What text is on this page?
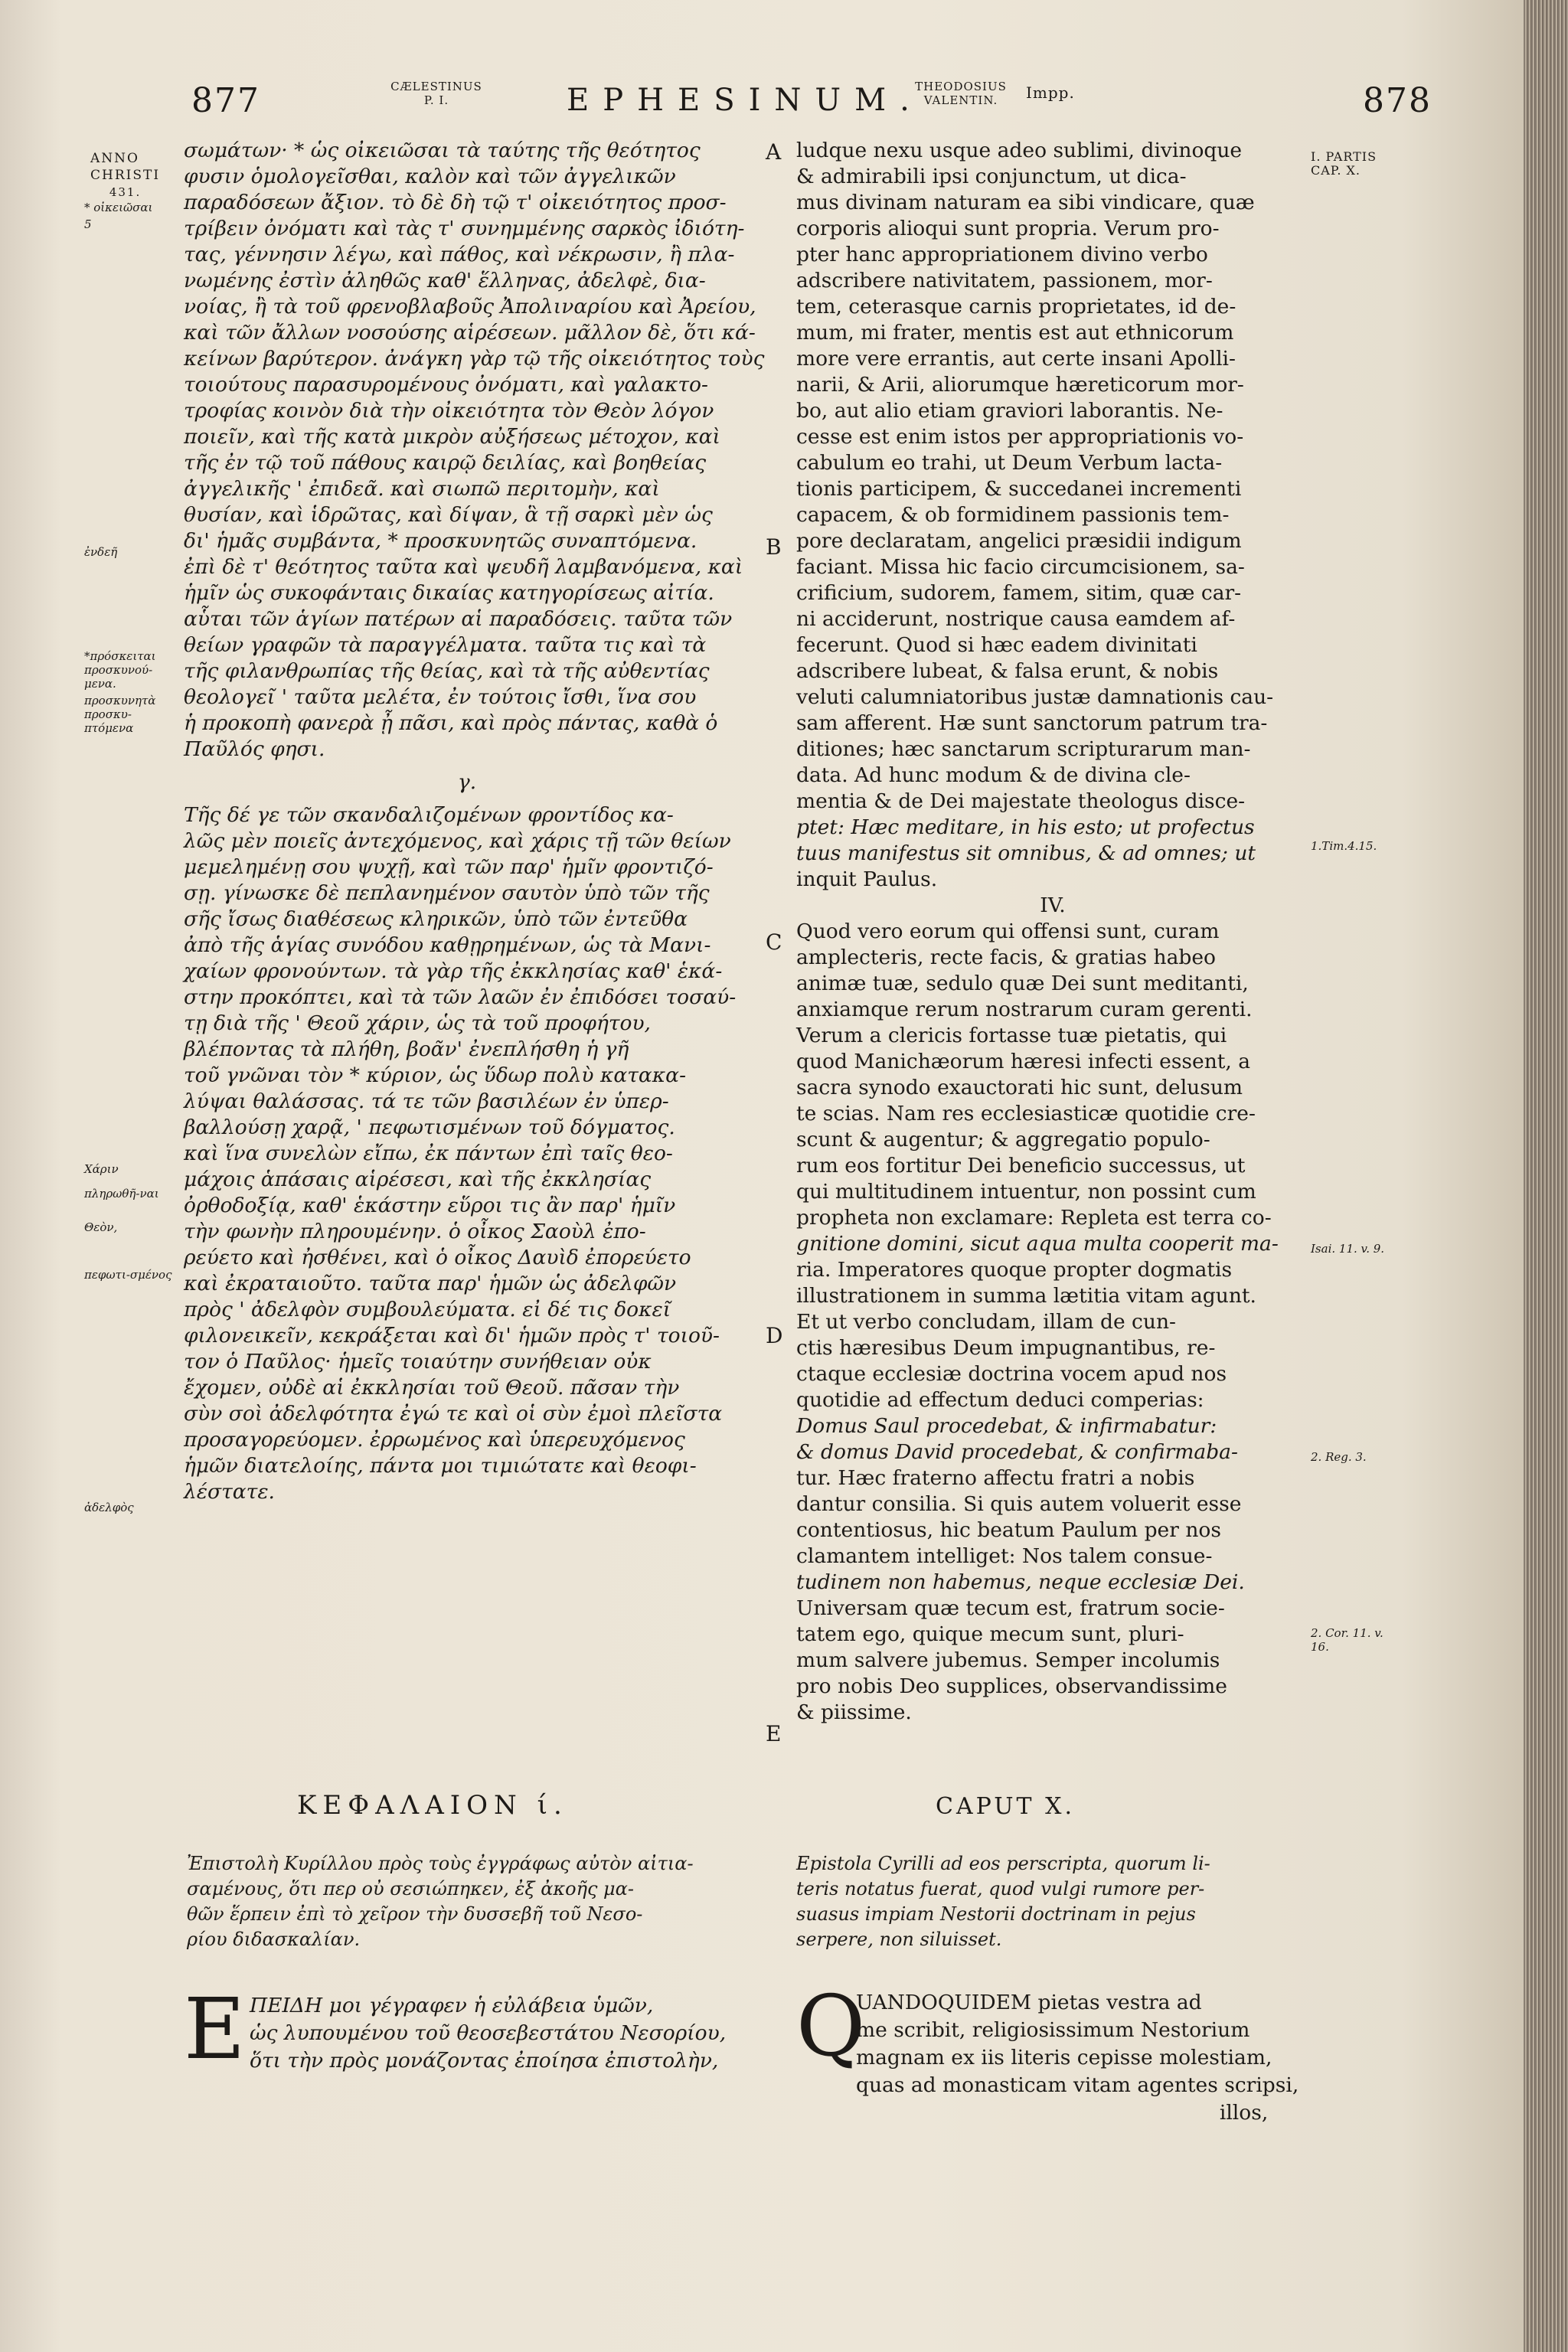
877	CÆLESTINUS
P. I.	EPHESINUM.
THEODOSIUS
VALENTIN.	Impp.	878
ANNO
CHRISTI
431.
* οἰκειῶσαι
5
ἐνδεῆ
*πρόσκειται προσκυνού-μενα.
προσκυνητὰ προσκυ-πτόμενα
Χάριν
πληρωθῆ-ναι
Θεὸν,
πεφωτι-σμένος
ἀδελφὸς
I. PARTIS CAP. X.
1.Tim.4.15.
Isai. 11. v. 9.
2. Reg. 3.
2. Cor. 11. v. 16.
A
B
C
D
E
σωμάτων· * ὡς οἰκειῶσαι τὰ ταύτης τῆς θεότητος
φυσιν ὁμολογεῖσθαι, καλὸν καὶ τῶν ἀγγελικῶν
παραδόσεων ἄξιον. τὸ δὲ δὴ τῷ τ' οἰκειότητος προσ-
τρίβειν ὀνόματι καὶ τὰς τ' συνημμένης σαρκὸς ἰδιότη-
τας, γέννησιν λέγω, καὶ πάθος, καὶ νέκρωσιν, ἢ πλα-
νωμένης ἐστὶν ἀληθῶς καθ' ἕλληνας, ἀδελφὲ, δια-
νοίας, ἢ τὰ τοῦ φρενοβλαβοῦς Ἀπολιναρίου καὶ Ἀρείου,
καὶ τῶν ἄλλων νοσούσης αἱρέσεων. μᾶλλον δὲ, ὅτι κά-
κείνων βαρύτερον. ἀνάγκη γὰρ τῷ τῆς οἰκειότητος τοὺς
τοιούτους παρασυρομένους ὀνόματι, καὶ γαλακτο-
τροφίας κοινὸν διὰ τὴν οἰκειότητα τὸν Θεὸν λόγον
ποιεῖν, καὶ τῆς κατὰ μικρὸν αὐξήσεως μέτοχον, καὶ
τῆς ἐν τῷ τοῦ πάθους καιρῷ δειλίας, καὶ βοηθείας
ἀγγελικῆς ' ἐπιδεᾶ. καὶ σιωπῶ περιτομὴν, καὶ
θυσίαν, καὶ ἱδρῶτας, καὶ δίψαν, ἃ τῇ σαρκὶ μὲν ὡς
δι' ἡμᾶς συμβάντα, * προσκυνητῶς συναπτόμενα.
ἐπὶ δὲ τ' θεότητος ταῦτα καὶ ψευδῆ λαμβανόμενα, καὶ
ἡμῖν ὡς συκοφάνταις δικαίας κατηγορίσεως αἰτία.
αὗται τῶν ἁγίων πατέρων αἱ παραδόσεις. ταῦτα τῶν
θείων γραφῶν τὰ παραγγέλματα. ταῦτα τις καὶ τὰ
τῆς φιλανθρωπίας τῆς θείας, καὶ τὰ τῆς αὐθεντίας
θεολογεῖ ' ταῦτα μελέτα, ἐν τούτοις ἴσθι, ἵνα σου
ἡ προκοπὴ φανερὰ ᾖ πᾶσι, καὶ πρὸς πάντας, καθὰ ὁ
Παῦλός φησι.
γ.
Τῆς δέ γε τῶν σκανδαλιζομένων φροντίδος κα-
λῶς μὲν ποιεῖς ἀντεχόμενος, καὶ χάρις τῇ τῶν θείων
μεμελημένῃ σου ψυχῇ, καὶ τῶν παρ' ἡμῖν φροντιζό-
σῃ. γίνωσκε δὲ πεπλανημένον σαυτὸν ὑπὸ τῶν τῆς
σῆς ἴσως διαθέσεως κληρικῶν, ὑπὸ τῶν ἐντεῦθα
ἀπὸ τῆς ἁγίας συνόδου καθῃρημένων, ὡς τὰ Μανι-
χαίων φρονούντων. τὰ γὰρ τῆς ἐκκλησίας καθ' ἑκά-
στην προκόπτει, καὶ τὰ τῶν λαῶν ἐν ἐπιδόσει τοσαύ-
τῃ διὰ τῆς ' Θεοῦ χάριν, ὡς τὰ τοῦ προφήτου,
βλέποντας τὰ πλήθη, βοᾶν' ἐνεπλήσθη ἡ γῆ
τοῦ γνῶναι τὸν * κύριον, ὡς ὕδωρ πολὺ κατακα-
λύψαι θαλάσσας. τά τε τῶν βασιλέων ἐν ὑπερ-
βαλλούσῃ χαρᾷ, ' πεφωτισμένων τοῦ δόγματος.
καὶ ἵνα συνελὼν εἴπω, ἐκ πάντων ἐπὶ ταῖς θεο-
μάχοις ἁπάσαις αἱρέσεσι, καὶ τῆς ἐκκλησίας
ὀρθοδοξίᾳ, καθ' ἑκάστην εὕροι τις ἂν παρ' ἡμῖν
τὴν φωνὴν πληρουμένην. ὁ οἶκος Σαοὺλ ἐπο-
ρεύετο καὶ ἠσθένει, καὶ ὁ οἶκος Δαυὶδ ἐπορεύετο
καὶ ἐκραταιοῦτο. ταῦτα παρ' ἡμῶν ὡς ἀδελφῶν
πρὸς ' ἀδελφὸν συμβουλεύματα. εἰ δέ τις δοκεῖ
φιλονεικεῖν, κεκράξεται καὶ δι' ἡμῶν πρὸς τ' τοιοῦ-
τον ὁ Παῦλος· ἡμεῖς τοιαύτην συνήθειαν οὐκ
ἔχομεν, οὐδὲ αἱ ἐκκλησίαι τοῦ Θεοῦ. πᾶσαν τὴν
σὺν σοὶ ἀδελφότητα ἐγώ τε καὶ οἱ σὺν ἐμοὶ πλεῖστα
προσαγορεύομεν. ἐρρωμένος καὶ ὑπερευχόμενος
ἡμῶν διατελοίης, πάντα μοι τιμιώτατε καὶ θεοφι-
λέστατε.
ludque nexu usque adeo sublimi, divinoque
& admirabili ipsi conjunctum, ut dica-
mus divinam naturam ea sibi vindicare, quæ
corporis alioqui sunt propria. Verum pro-
pter hanc appropriationem divino verbo
adscribere nativitatem, passionem, mor-
tem, ceterasque carnis proprietates, id de-
mum, mi frater, mentis est aut ethnicorum
more vere errantis, aut certe insani Apolli-
narii, & Arii, aliorumque hæreticorum mor-
bo, aut alio etiam graviori laborantis. Ne-
cesse est enim istos per appropriationis vo-
cabulum eo trahi, ut Deum Verbum lacta-
tionis participem, & succedanei incrementi
capacem, & ob formidinem passionis tem-
pore declaratam, angelici præsidii indigum
faciant. Missa hic facio circumcisionem, sa-
crificium, sudorem, famem, sitim, quæ car-
ni acciderunt, nostrique causa eamdem af-
fecerunt. Quod si hæc eadem divinitati
adscribere lubeat, & falsa erunt, & nobis
veluti calumniatoribus justæ damnationis cau-
sam afferent. Hæ sunt sanctorum patrum tra-
ditiones; hæc sanctarum scripturarum man-
data. Ad hunc modum & de divina cle-
mentia & de Dei majestate theologus disce-
ptet: Hæc meditare, in his esto; ut profectus
tuus manifestus sit omnibus, & ad omnes; ut
inquit Paulus.
IV.
Quod vero eorum qui offensi sunt, curam
amplecteris, recte facis, & gratias habeo
animæ tuæ, sedulo quæ Dei sunt meditanti,
anxiamque rerum nostrarum curam gerenti.
Verum a clericis fortasse tuæ pietatis, qui
quod Manichæorum hæresi infecti essent, a
sacra synodo exauctorati hic sunt, delusum
te scias. Nam res ecclesiasticæ quotidie cre-
scunt & augentur; & aggregatio populo-
rum eos fortitur Dei beneficio successus, ut
qui multitudinem intuentur, non possint cum
propheta non exclamare: Repleta est terra co-
gnitione domini, sicut aqua multa cooperit ma-
ria. Imperatores quoque propter dogmatis
illustrationem in summa lætitia vitam agunt.
Et ut verbo concludam, illam de cun-
ctis hæresibus Deum impugnantibus, re-
ctaque ecclesiæ doctrina vocem apud nos
quotidie ad effectum deduci comperias:
Domus Saul procedebat, & infirmabatur:
& domus David procedebat, & confirmaba-
tur. Hæc fraterno affectu fratri a nobis
dantur consilia. Si quis autem voluerit esse
contentiosus, hic beatum Paulum per nos
clamantem intelliget: Nos talem consue-
tudinem non habemus, neque ecclesiæ Dei.
Universam quæ tecum est, fratrum socie-
tatem ego, quique mecum sunt, pluri-
mum salvere jubemus. Semper incolumis
pro nobis Deo supplices, observandissime
& piissime.
ΚΕΦΑΛΑΙΟΝ ί.	CAPUT X.
Ἐπιστολὴ Κυρίλλου πρὸς τοὺς ἐγγράφως αὐτὸν αἰτια-
σαμένους, ὅτι περ οὐ σεσιώπηκεν, ἐξ ἀκοῆς μα-
θῶν ἕρπειν ἐπὶ τὸ χεῖρον τὴν δυσσεβῆ τοῦ Νεσο-
ρίου διδασκαλίαν.
Epistola Cyrilli ad eos perscripta, quorum li-
teris notatus fuerat, quod vulgi rumore per-
suasus impiam Nestorii doctrinam in pejus
serpere, non siluisset.
Ε ΠΕΙΔΗ μοι γέγραφεν ἡ εὐλάβεια ὑμῶν,
ὡς λυπουμένου τοῦ θεοσεβεστάτου Νεσορίου,
ὅτι τὴν πρὸς μονάζοντας ἐποίησα ἐπιστολὴν, Q
UANDOQUIDEM pietas vestra ad
me scribit, religiosissimum Nestorium
magnam ex iis literis cepisse molestiam,
quas ad monasticam vitam agentes scripsi,
illos,
